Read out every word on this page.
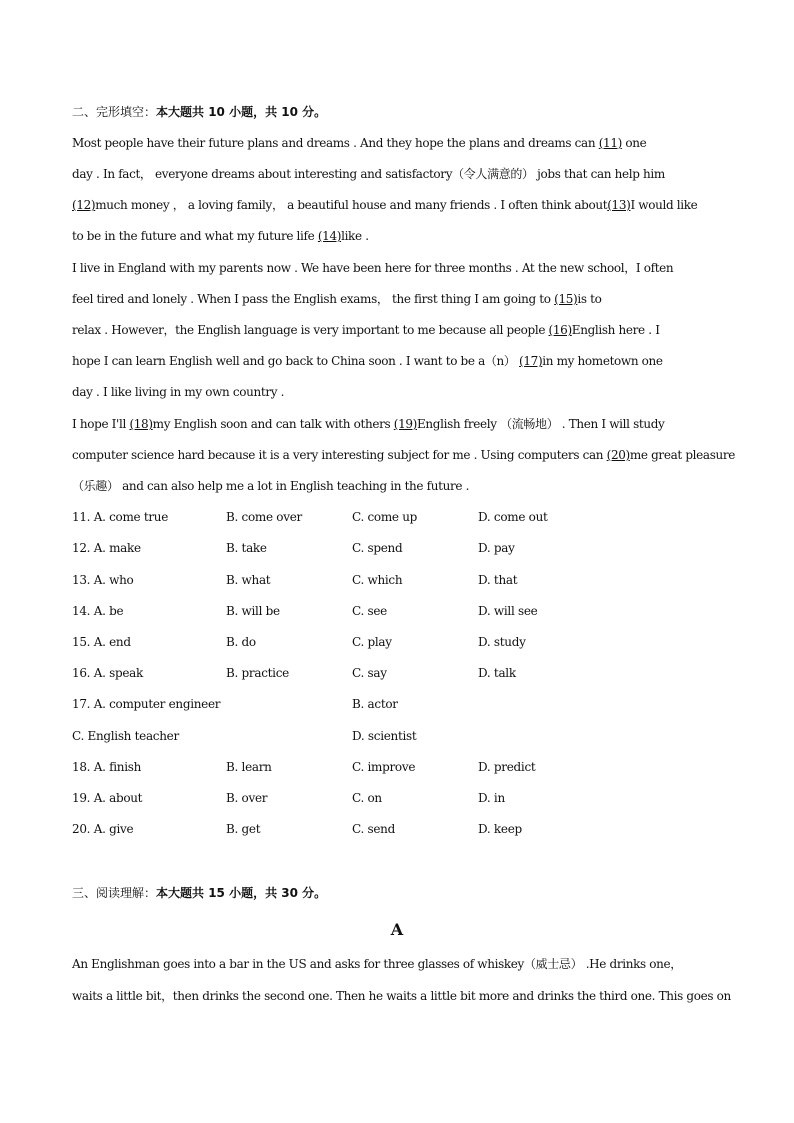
二、完形填空：本大题共 10 小题，共 10 分。
Most people have their future plans and dreams . And they hope the plans and dreams can (11) one
day . In fact， everyone dreams about interesting and satisfactory（令人满意的） jobs that can help him
(12)much money ， a loving family， a beautiful house and many friends . I often think about(13)I would like
to be in the future and what my future life (14)like .
I live in England with my parents now . We have been here for three months . At the new school，I often
feel tired and lonely . When I pass the English exams， the first thing I am going to (15)is to
relax . However，the English language is very important to me because all people (16)English here . I
hope I can learn English well and go back to China soon . I want to be a（n） (17)in my hometown one
day . I like living in my own country .
I hope I'll (18)my English soon and can talk with others (19)English freely （流畅地） . Then I will study
computer science hard because it is a very interesting subject for me . Using computers can (20)me great pleasure
（乐趣） and can also help me a lot in English teaching in the future .
11. A. come true	B. come over	C. come up	D. come out
12. A. make	B. take	C. spend	D. pay
13. A. who	B. what	C. which	D. that
14. A. be	B. will be	C. see	D. will see
15. A. end	B. do	C. play	D. study
16. A. speak	B. practice	C. say	D. talk
17. A. computer engineer	B. actor
C. English teacher	D. scientist
18. A. finish	B. learn	C. improve	D. predict
19. A. about	B. over	C. on	D. in
20. A. give	B. get	C. send	D. keep
三、阅读理解：本大题共 15 小题，共 30 分。
A
An Englishman goes into a bar in the US and asks for three glasses of whiskey（威士忌） .He drinks one，
waits a little bit，then drinks the second one. Then he waits a little bit more and drinks the third one. This goes on
